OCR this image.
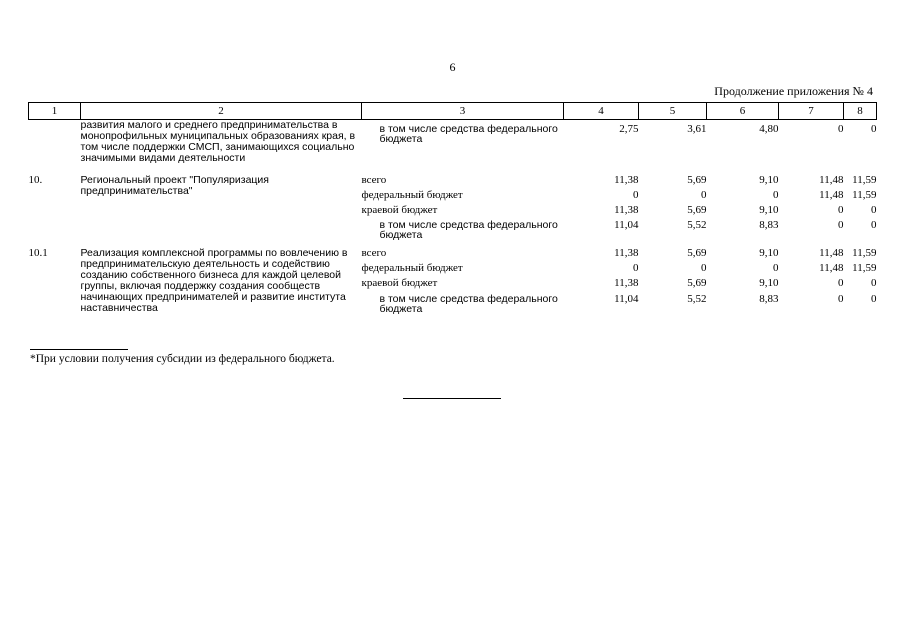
6
Продолжение приложения № 4
1	2	3	4	5	6	7	8
	развития малого и среднего предпринимательства в монопрофильных муниципальных образованиях края, в том числе поддержки СМСП, занимающихся социально значимыми видами деятельности	в том числе средства федерального бюджета	2,75	3,61	4,80	0	0
10.	Региональный проект "Популяризация предпринимательства"	всего	11,38	5,69	9,10	11,48	11,59
		федеральный бюджет	0	0	0	11,48	11,59
		краевой бюджет	11,38	5,69	9,10	0	0
		в том числе средства федерального бюджета	11,04	5,52	8,83	0	0
10.1	Реализация комплексной программы по вовлечению в предпринимательскую деятельность и содействию созданию собственного бизнеса для каждой целевой группы, включая поддержку создания сообществ начинающих предпринимателей и развитие института наставничества	всего	11,38	5,69	9,10	11,48	11,59
		федеральный бюджет	0	0	0	11,48	11,59
		краевой бюджет	11,38	5,69	9,10	0	0
		в том числе средства федерального бюджета	11,04	5,52	8,83	0	0
*При условии получения субсидии из федерального бюджета.
